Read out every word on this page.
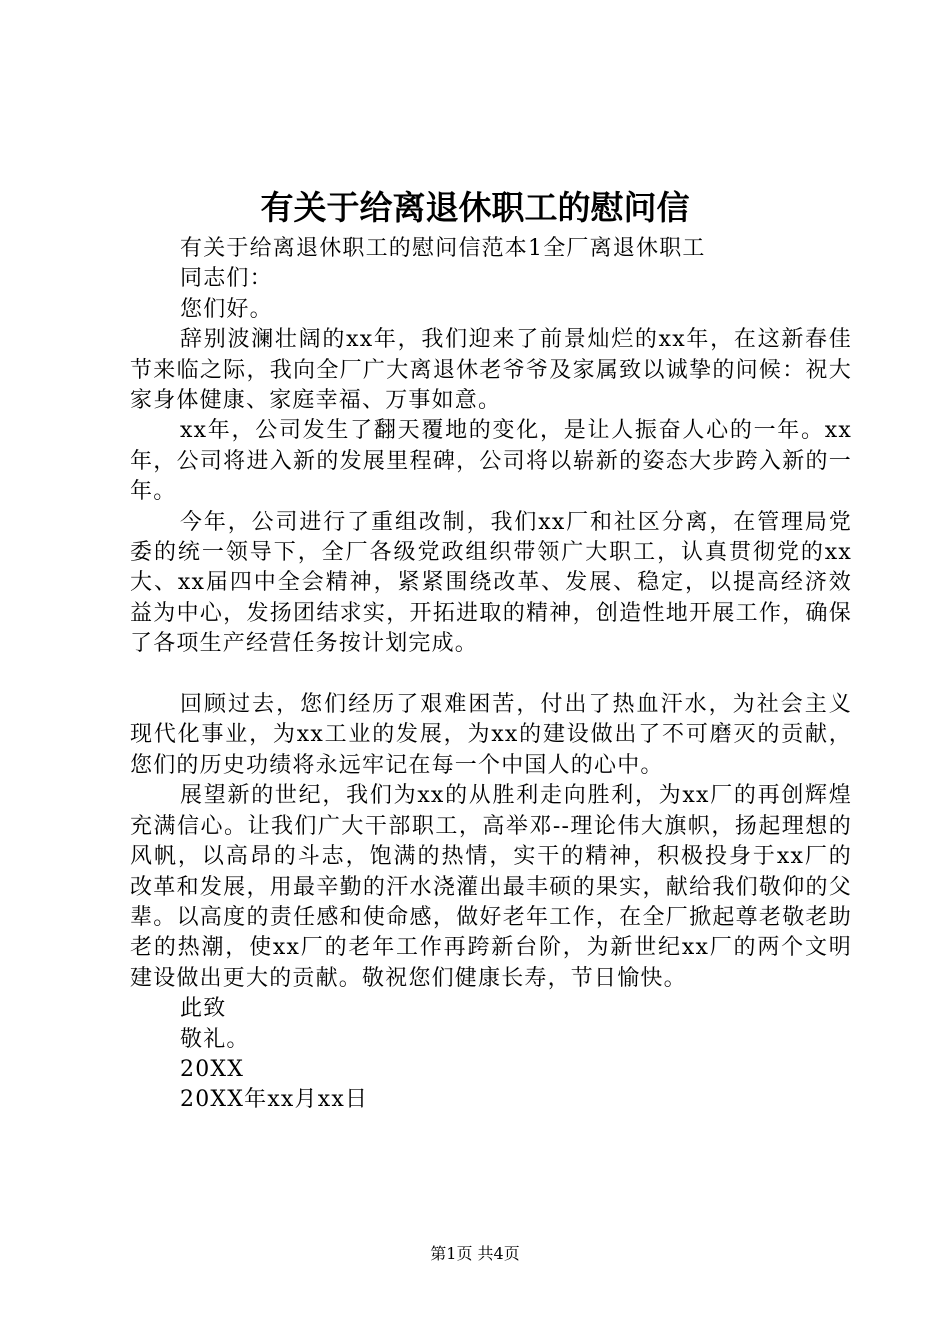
有关于给离退休职工的慰问信

有关于给离退休职工的慰问信范本1全厂离退休职工

同志们：

您们好。

辞别波澜壮阔的xx年，我们迎来了前景灿烂的xx年，在这新春佳节来临之际，我向全厂广大离退休老爷爷及家属致以诚挚的问候：祝大家身体健康、家庭幸福、万事如意。

xx年，公司发生了翻天覆地的变化，是让人振奋人心的一年。xx年，公司将进入新的发展里程碑，公司将以崭新的姿态大步跨入新的一年。

今年，公司进行了重组改制，我们xx厂和社区分离，在管理局党委的统一领导下，全厂各级党政组织带领广大职工，认真贯彻党的xx大、xx届四中全会精神，紧紧围绕改革、发展、稳定，以提高经济效益为中心，发扬团结求实，开拓进取的精神，创造性地开展工作，确保了各项生产经营任务按计划完成。

回顾过去，您们经历了艰难困苦，付出了热血汗水，为社会主义现代化事业，为xx工业的发展，为xx的建设做出了不可磨灭的贡献，您们的历史功绩将永远牢记在每一个中国人的心中。

展望新的世纪，我们为xx的从胜利走向胜利，为xx厂的再创辉煌充满信心。让我们广大干部职工，高举邓--理论伟大旗帜，扬起理想的风帆，以高昂的斗志，饱满的热情，实干的精神，积极投身于xx厂的改革和发展，用最辛勤的汗水浇灌出最丰硕的果实，献给我们敬仰的父辈。以高度的责任感和使命感，做好老年工作，在全厂掀起尊老敬老助老的热潮，使xx厂的老年工作再跨新台阶，为新世纪xx厂的两个文明建设做出更大的贡献。敬祝您们健康长寿，节日愉快。

此致

敬礼。

20XX

20XX年xx月xx日

第1页 共4页
